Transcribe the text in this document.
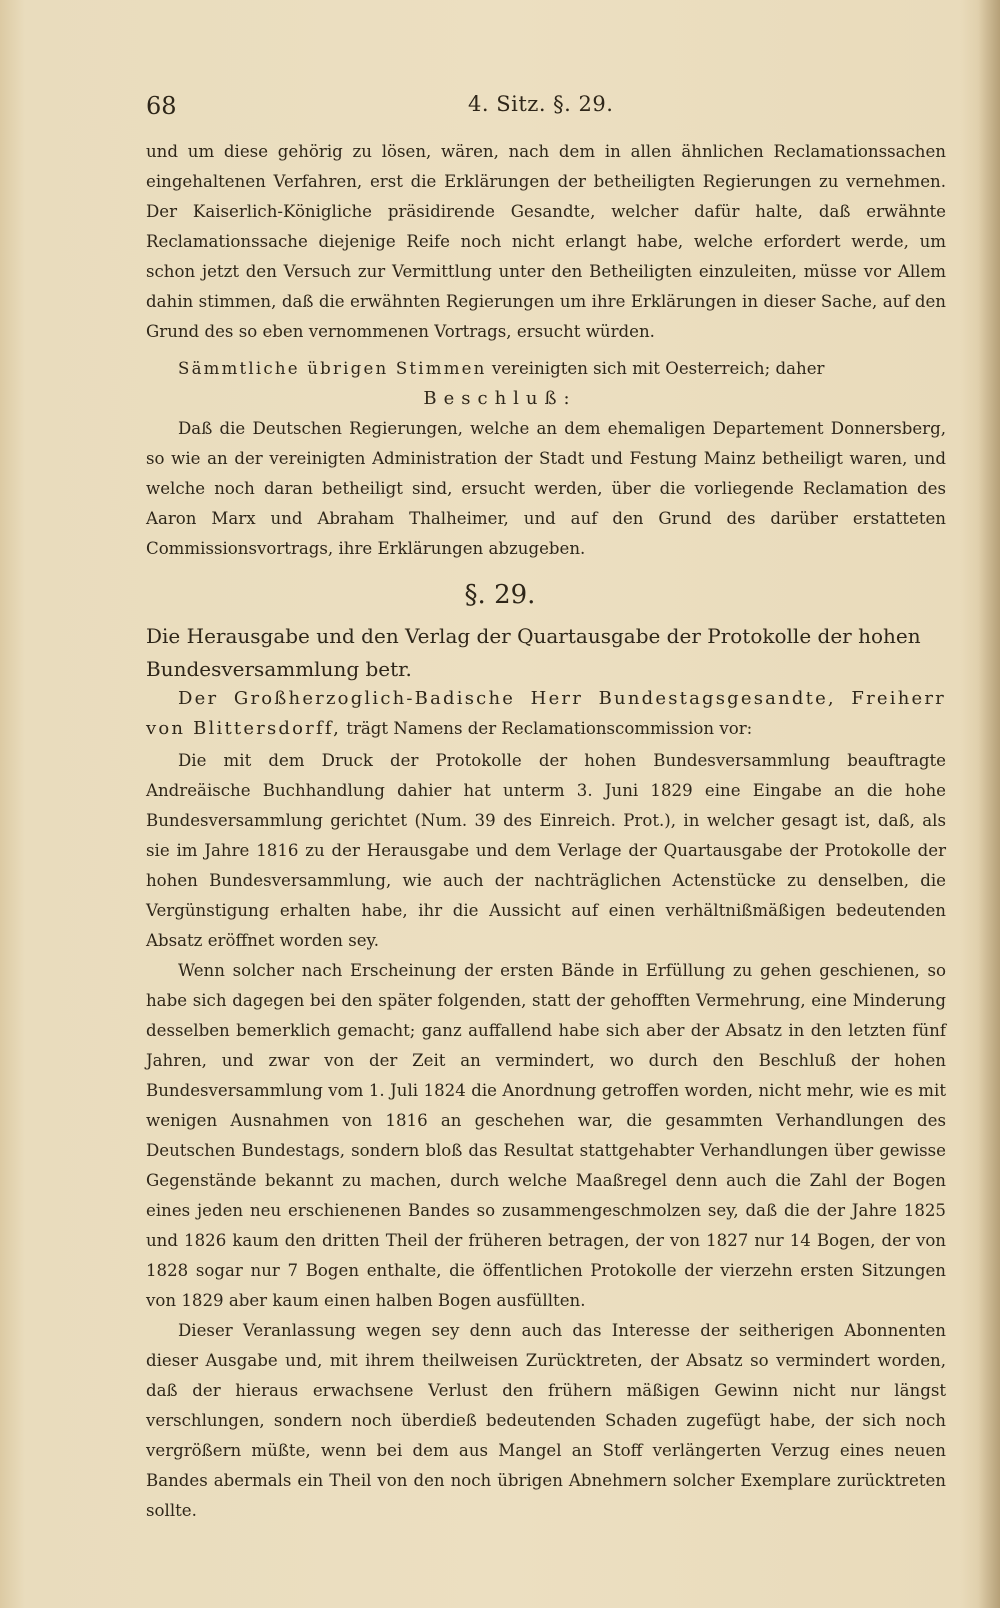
68	4. Sitz. §. 29.

und um diese gehörig zu lösen, wären, nach dem in allen ähnlichen Reclamationssachen eingehaltenen Verfahren, erst die Erklärungen der betheiligten Regierungen zu vernehmen. Der Kaiserlich-Königliche präsidirende Gesandte, welcher dafür halte, daß erwähnte Reclamationssache diejenige Reife noch nicht erlangt habe, welche erfordert werde, um schon jetzt den Versuch zur Vermittlung unter den Betheiligten einzuleiten, müsse vor Allem dahin stimmen, daß die erwähnten Regierungen um ihre Erklärungen in dieser Sache, auf den Grund des so eben vernommenen Vortrags, ersucht würden.

Sämmtliche übrigen Stimmen vereinigten sich mit Oesterreich; daher

Beschluß:

Daß die Deutschen Regierungen, welche an dem ehemaligen Departement Donnersberg, so wie an der vereinigten Administration der Stadt und Festung Mainz betheiligt waren, und welche noch daran betheiligt sind, ersucht werden, über die vorliegende Reclamation des Aaron Marx und Abraham Thalheimer, und auf den Grund des darüber erstatteten Commissionsvortrags, ihre Erklärungen abzugeben.

§. 29.
Die Herausgabe und den Verlag der Quartausgabe der Protokolle der hohen Bundesversammlung betr.

Der Großherzoglich-Badische Herr Bundestagsgesandte, Freiherr von Blittersdorff, trägt Namens der Reclamationscommission vor:

Die mit dem Druck der Protokolle der hohen Bundesversammlung beauftragte Andreäische Buchhandlung dahier hat unterm 3. Juni 1829 eine Eingabe an die hohe Bundesversammlung gerichtet (Num. 39 des Einreich. Prot.), in welcher gesagt ist, daß, als sie im Jahre 1816 zu der Herausgabe und dem Verlage der Quartausgabe der Protokolle der hohen Bundesversammlung, wie auch der nachträglichen Actenstücke zu denselben, die Vergünstigung erhalten habe, ihr die Aussicht auf einen verhältnißmäßigen bedeutenden Absatz eröffnet worden sey.

Wenn solcher nach Erscheinung der ersten Bände in Erfüllung zu gehen geschienen, so habe sich dagegen bei den später folgenden, statt der gehofften Vermehrung, eine Minderung desselben bemerklich gemacht; ganz auffallend habe sich aber der Absatz in den letzten fünf Jahren, und zwar von der Zeit an vermindert, wo durch den Beschluß der hohen Bundesversammlung vom 1. Juli 1824 die Anordnung getroffen worden, nicht mehr, wie es mit wenigen Ausnahmen von 1816 an geschehen war, die gesammten Verhandlungen des Deutschen Bundestags, sondern bloß das Resultat stattgehabter Verhandlungen über gewisse Gegenstände bekannt zu machen, durch welche Maaßregel denn auch die Zahl der Bogen eines jeden neu erschienenen Bandes so zusammengeschmolzen sey, daß die der Jahre 1825 und 1826 kaum den dritten Theil der früheren betragen, der von 1827 nur 14 Bogen, der von 1828 sogar nur 7 Bogen enthalte, die öffentlichen Protokolle der vierzehn ersten Sitzungen von 1829 aber kaum einen halben Bogen ausfüllten.

Dieser Veranlassung wegen sey denn auch das Interesse der seitherigen Abonnenten dieser Ausgabe und, mit ihrem theilweisen Zurücktreten, der Absatz so vermindert worden, daß der hieraus erwachsene Verlust den frühern mäßigen Gewinn nicht nur längst verschlungen, sondern noch überdieß bedeutenden Schaden zugefügt habe, der sich noch vergrößern müßte, wenn bei dem aus Mangel an Stoff verlängerten Verzug eines neuen Bandes abermals ein Theil von den noch übrigen Abnehmern solcher Exemplare zurücktreten sollte.
